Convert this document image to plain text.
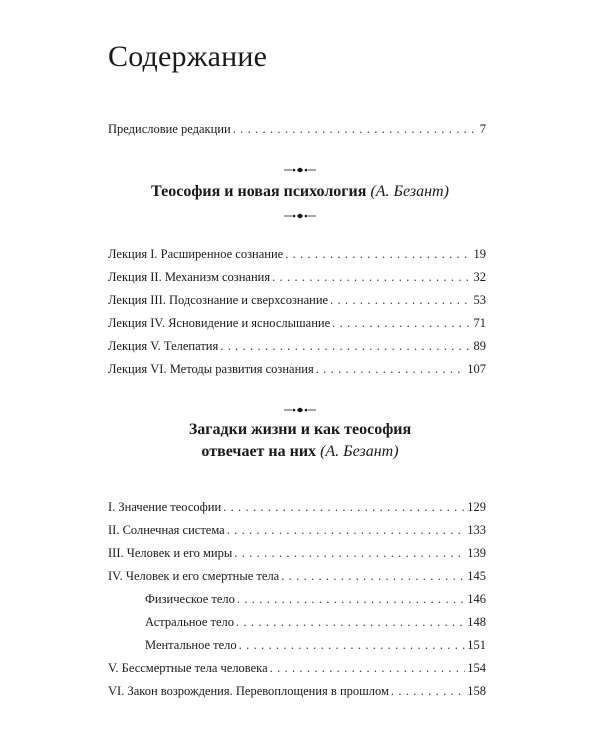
Содержание
Предисловие редакции . . .	7
Теософия и новая психология (А. Безант)
Лекция I. Расширенное сознание . . .	19
Лекция II. Механизм сознания . . .	32
Лекция III. Подсознание и сверхсознание . . .	53
Лекция IV. Ясновидение и яснослышание . . .	71
Лекция V. Телепатия . . .	89
Лекция VI. Методы развития сознания . . .	107
Загадки жизни и как теософия
отвечает на них (А. Безант)
I. Значение теософии . . .	129
II. Солнечная система . . .	133
III. Человек и его миры . . .	139
IV. Человек и его смертные тела . . .	145
Физическое тело . . .	146
Астральное тело . . .	148
Ментальное тело . . .	151
V. Бессмертные тела человека . . .	154
VI. Закон возрождения. Перевоплощения в прошлом . . .	158
